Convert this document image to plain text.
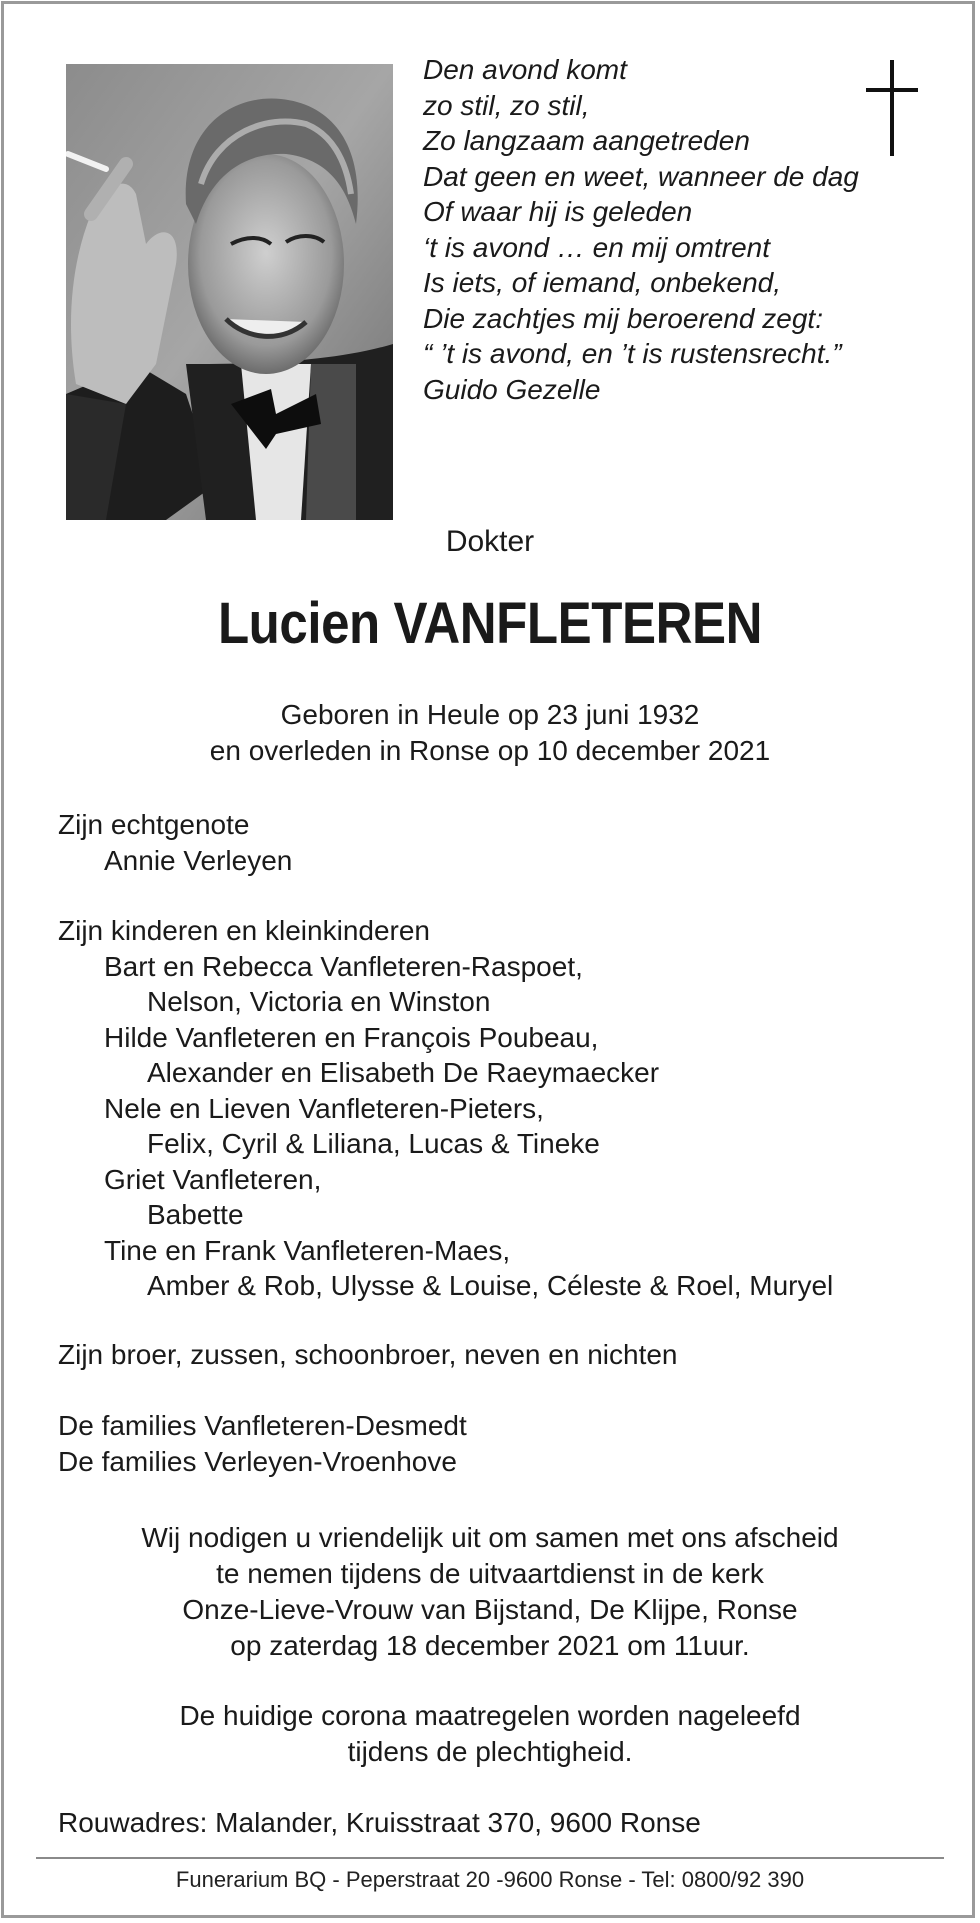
Den avond komt
zo stil, zo stil,
Zo langzaam aangetreden
Dat geen en weet, wanneer de dag
Of waar hij is geleden
‘t is avond … en mij omtrent
Is iets, of iemand, onbekend,
Die zachtjes mij beroerend zegt:
“ ’t is avond, en ’t is rustensrecht.”
Guido Gezelle
Dokter
Lucien VANFLETEREN
Geboren in Heule op 23 juni 1932
en overleden in Ronse op 10 december 2021
Zijn echtgenote
Annie Verleyen
Zijn kinderen en kleinkinderen
Bart en Rebecca Vanfleteren-Raspoet,
Nelson, Victoria en Winston
Hilde Vanfleteren en François Poubeau,
Alexander en Elisabeth De Raeymaecker
Nele en Lieven Vanfleteren-Pieters,
Felix, Cyril & Liliana, Lucas & Tineke
Griet Vanfleteren,
Babette
Tine en Frank Vanfleteren-Maes,
Amber & Rob, Ulysse & Louise, Céleste & Roel, Muryel
Zijn broer, zussen, schoonbroer, neven en nichten
De families Vanfleteren-Desmedt
De families Verleyen-Vroenhove
Wij nodigen u vriendelijk uit om samen met ons afscheid
te nemen tijdens de uitvaartdienst in de kerk
Onze-Lieve-Vrouw van Bijstand, De Klijpe, Ronse
op zaterdag 18 december 2021 om 11uur.
De huidige corona maatregelen worden nageleefd
tijdens de plechtigheid.
Rouwadres: Malander, Kruisstraat 370, 9600 Ronse
Funerarium BQ - Peperstraat 20 -9600 Ronse - Tel: 0800/92 390
